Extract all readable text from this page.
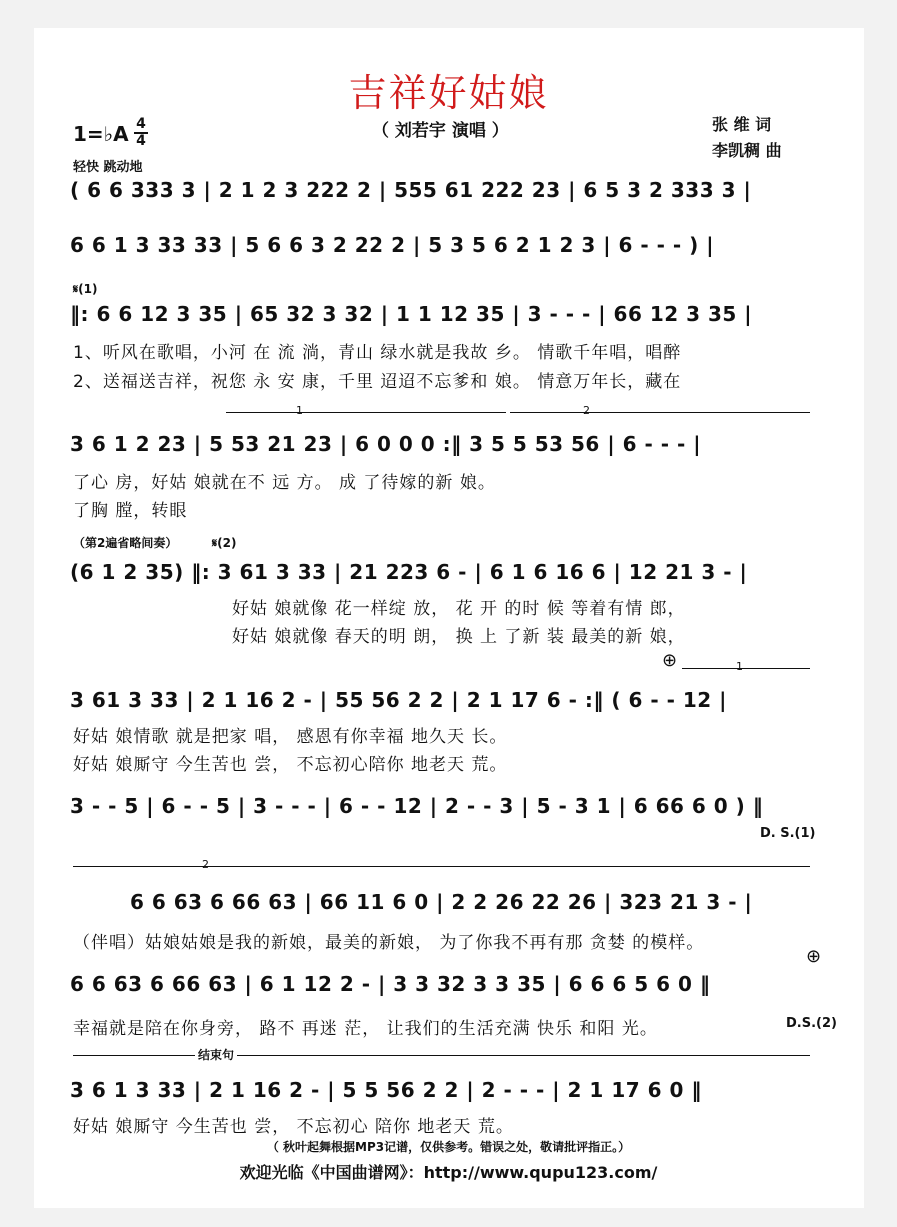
吉祥好姑娘
（ 刘若宇 演唱 ）	张 维 词
李凯稠 曲
1=♭A 4
4
轻快 跳动地
( 6 6 333 3 | 2 1 2 3 222 2 | 555 61 222 23 | 6 5 3 2 333 3 |
6 6 1 3 33 33 | 5 6 6 3 2 22 2 | 5 3 5 6 2 1 2 3 | 6 - - - ) |
𝄋(1)
‖: 6 6 12 3 35 | 65 32 3 32 | 1 1 12 35 | 3 - - - | 66 12 3 35 |
1、听风在歌唱，小河 在 流 淌，青山 绿水就是我故 乡。 情歌千年唱，唱醉
2、送福送吉祥，祝您 永 安 康，千里 迢迢不忘爹和 娘。 情意万年长，藏在
1	2
3 6 1 2 23 | 5 53 21 23 | 6 0 0 0 :‖ 3 5 5 53 56 | 6 - - - |
了心 房，好姑 娘就在不 远 方。 成 了待嫁的新 娘。
了胸 膛，转眼
（第2遍省略间奏）	𝄋(2)
(6 1 2 35) ‖: 3 61 3 33 | 21 223 6 - | 6 1 6 16 6 | 12 21 3 - |
好姑 娘就像 花一样绽 放， 花 开 的时 候 等着有情 郎，
好姑 娘就像 春天的明 朗， 换 上 了新 装 最美的新 娘，
⊕	1
3 61 3 33 | 2 1 16 2 - | 55 56 2 2 | 2 1 17 6 - :‖ ( 6 - - 12 |
好姑 娘情歌 就是把家 唱， 感恩有你幸福 地久天 长。
好姑 娘厮守 今生苦也 尝， 不忘初心陪你 地老天 荒。
3 - - 5 | 6 - - 5 | 3 - - - | 6 - - 12 | 2 - - 3 | 5 - 3 1 | 6 66 6 0 ) ‖
D. S.(1)
2
6 6 63 6 66 63 | 66 11 6 0 | 2 2 26 22 26 | 323 21 3 - |
（伴唱）姑娘姑娘是我的新娘，最美的新娘， 为了你我不再有那 贪婪 的模样。
⊕
6 6 63 6 66 63 | 6 1 12 2 - | 3 3 32 3 3 35 | 6 6 6 5 6 0 ‖
幸福就是陪在你身旁， 路不 再迷 茫， 让我们的生活充满 快乐 和阳 光。	D.S.(2)
结束句
3 6 1 3 33 | 2 1 16 2 - | 5 5 56 2 2 | 2 - - - | 2 1 17 6 0 ‖
好姑 娘厮守 今生苦也 尝， 不忘初心 陪你 地老天 荒。
（ 秋叶起舞根据MP3记谱，仅供参考。错误之处，敬请批评指正。）
欢迎光临《中国曲谱网》：http://www.qupu123.com/
